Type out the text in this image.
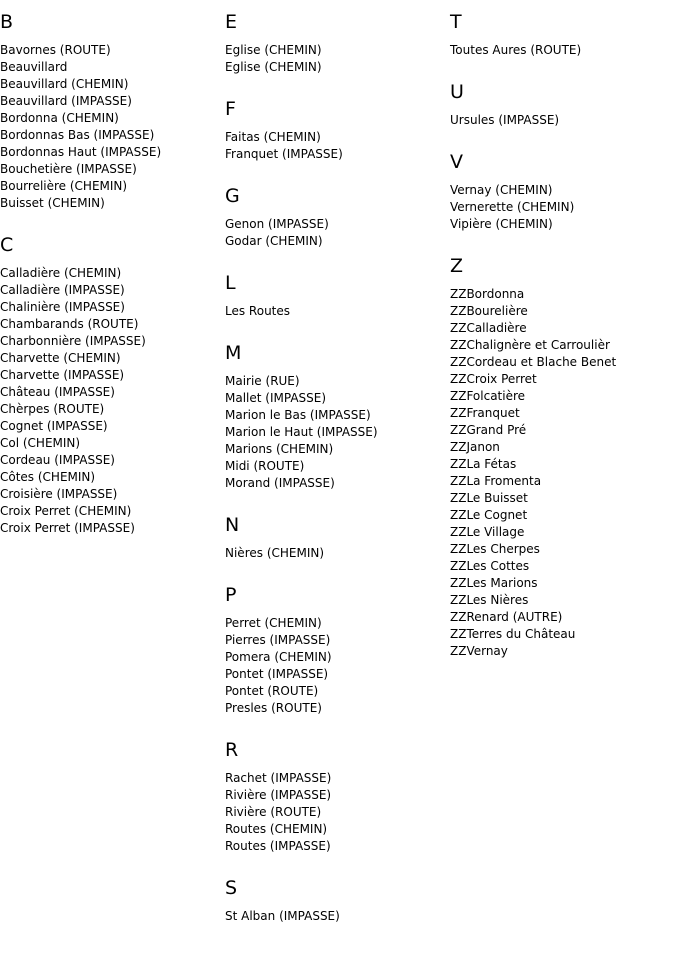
B
Bavornes (ROUTE)
Beauvillard
Beauvillard (CHEMIN)
Beauvillard (IMPASSE)
Bordonna (CHEMIN)
Bordonnas Bas (IMPASSE)
Bordonnas Haut (IMPASSE)
Bouchetière (IMPASSE)
Bourrelière (CHEMIN)
Buisset (CHEMIN)
C
Calladière (CHEMIN)
Calladière (IMPASSE)
Chalinière (IMPASSE)
Chambarands (ROUTE)
Charbonnière (IMPASSE)
Charvette (CHEMIN)
Charvette (IMPASSE)
Château (IMPASSE)
Chèrpes (ROUTE)
Cognet (IMPASSE)
Col (CHEMIN)
Cordeau (IMPASSE)
Côtes (CHEMIN)
Croisière (IMPASSE)
Croix Perret (CHEMIN)
Croix Perret (IMPASSE)
E
Eglise (CHEMIN)
Eglise (CHEMIN)
F
Faitas (CHEMIN)
Franquet (IMPASSE)
G
Genon (IMPASSE)
Godar (CHEMIN)
L
Les Routes
M
Mairie (RUE)
Mallet (IMPASSE)
Marion le Bas (IMPASSE)
Marion le Haut (IMPASSE)
Marions (CHEMIN)
Midi (ROUTE)
Morand (IMPASSE)
N
Nières (CHEMIN)
P
Perret (CHEMIN)
Pierres (IMPASSE)
Pomera (CHEMIN)
Pontet (IMPASSE)
Pontet (ROUTE)
Presles (ROUTE)
R
Rachet (IMPASSE)
Rivière (IMPASSE)
Rivière (ROUTE)
Routes (CHEMIN)
Routes (IMPASSE)
S
St Alban (IMPASSE)
T
Toutes Aures (ROUTE)
U
Ursules (IMPASSE)
V
Vernay (CHEMIN)
Vernerette (CHEMIN)
Vipière (CHEMIN)
Z
ZZBordonna
ZZBourelière
ZZCalladière
ZZChalignère et Carroulièr
ZZCordeau et Blache Benet
ZZCroix Perret
ZZFolcatière
ZZFranquet
ZZGrand Pré
ZZJanon
ZZLa Fétas
ZZLa Fromenta
ZZLe Buisset
ZZLe Cognet
ZZLe Village
ZZLes Cherpes
ZZLes Cottes
ZZLes Marions
ZZLes Nières
ZZRenard (AUTRE)
ZZTerres du Château
ZZVernay
